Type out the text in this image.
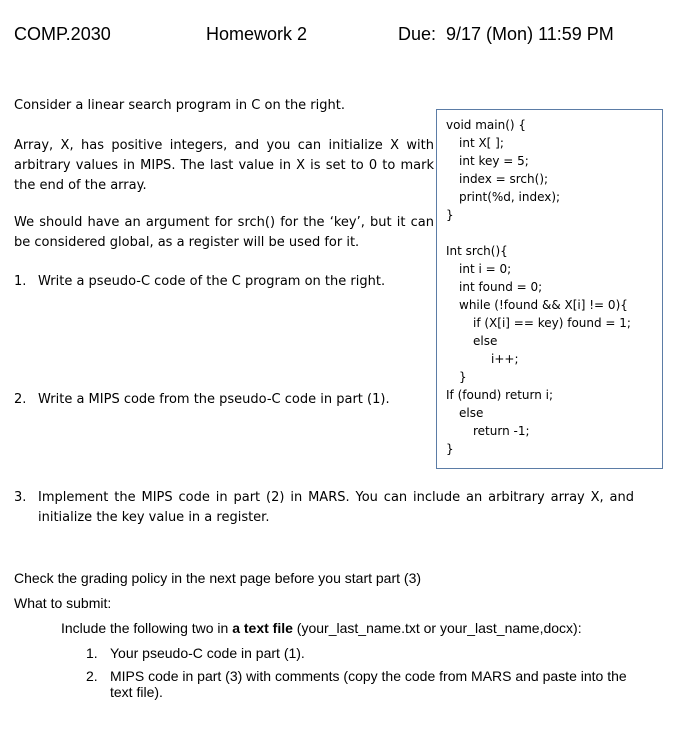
COMP.2030	Homework 2	Due:  9/17 (Mon) 11:59 PM
Consider a linear search program in C on the right.
Array, X, has positive integers, and you can initialize X with arbitrary values in MIPS. The last value in X is set to 0 to mark the end of the array.
We should have an argument for srch() for the ‘key’, but it can be considered global, as a register will be used for it.
1. Write a pseudo-C code of the C program on the right.
2. Write a MIPS code from the pseudo-C code in part (1).
3. Implement the MIPS code in part (2) in MARS. You can include an arbitrary array X, and initialize the key value in a register.
void main() {
int X[ ];
int key = 5;
index = srch();
print(%d, index);
}
Int srch(){
int i = 0;
int found = 0;
while (!found && X[i] != 0){
if (X[i] == key) found = 1;
else
i++;
}
If (found) return i;
else
return -1;
}
Check the grading policy in the next page before you start part (3)
What to submit:
Include the following two in a text file (your_last_name.txt or your_last_name,docx):
1. Your pseudo-C code in part (1).
2. MIPS code in part (3) with comments (copy the code from MARS and paste into the text file).
